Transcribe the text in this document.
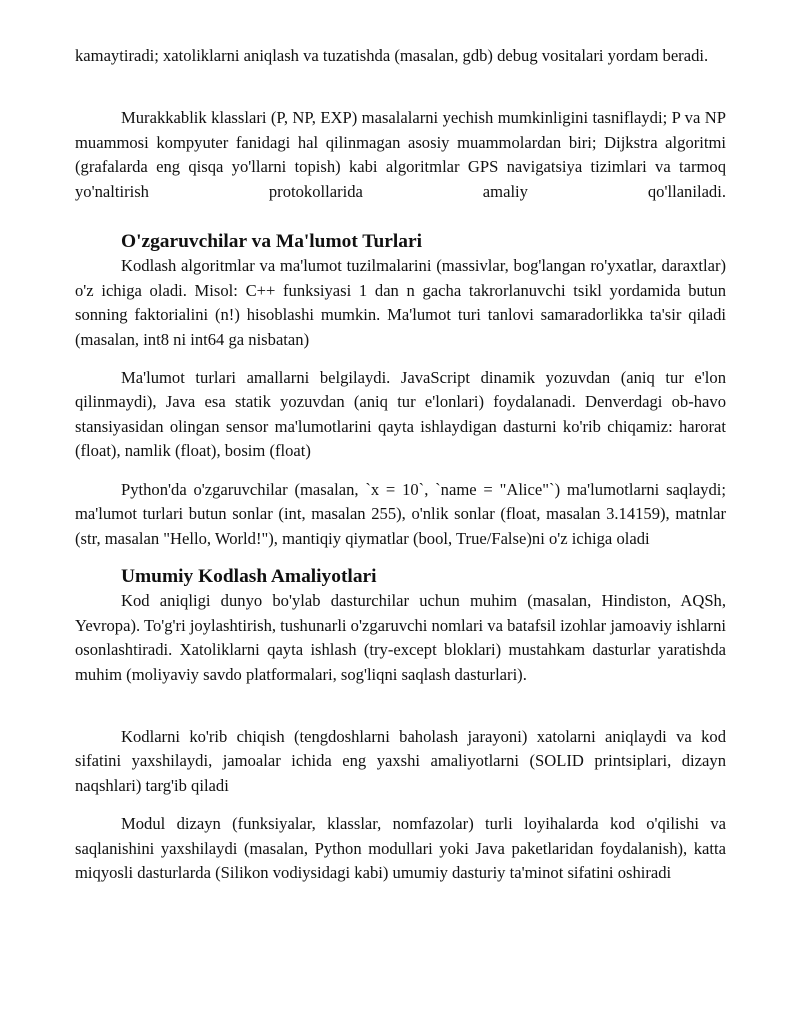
kamaytiradi; xatoliklarni aniqlash va tuzatishda (masalan, gdb) debug vositalari yordam beradi.

Murakkablik klasslari (P, NP, EXP) masalalarni yechish mumkinligini tasniflaydi; P va NP muammosi kompyuter fanidagi hal qilinmagan asosiy muammolardan biri; Dijkstra algoritmi (grafalarda eng qisqa yo'llarni topish) kabi algoritmlar GPS navigatsiya tizimlari va tarmoq yo'naltirish protokollarida amaliy qo'llaniladi.

O'zgaruvchilar va Ma'lumot Turlari

Kodlash algoritmlar va ma'lumot tuzilmalarini (massivlar, bog'langan ro'yxatlar, daraxtlar) o'z ichiga oladi. Misol: C++ funksiyasi 1 dan n gacha takrorlanuvchi tsikl yordamida butun sonning faktorialini (n!) hisoblashi mumkin. Ma'lumot turi tanlovi samaradorlikka ta'sir qiladi (masalan, int8 ni int64 ga nisbatan)

Ma'lumot turlari amallarni belgilaydi. JavaScript dinamik yozuvdan (aniq tur e'lon qilinmaydi), Java esa statik yozuvdan (aniq tur e'lonlari) foydalanadi. Denverdagi ob-havo stansiyasidan olingan sensor ma'lumotlarini qayta ishlaydigan dasturni ko'rib chiqamiz: harorat (float), namlik (float), bosim (float)

Python'da o'zgaruvchilar (masalan, `x = 10`, `name = "Alice"`) ma'lumotlarni saqlaydi; ma'lumot turlari butun sonlar (int, masalan 255), o'nlik sonlar (float, masalan 3.14159), matnlar (str, masalan "Hello, World!"), mantiqiy qiymatlar (bool, True/False)ni o'z ichiga oladi

Umumiy Kodlash Amaliyotlari

Kod aniqligi dunyo bo'ylab dasturchilar uchun muhim (masalan, Hindiston, AQSh, Yevropa). To'g'ri joylashtirish, tushunarli o'zgaruvchi nomlari va batafsil izohlar jamoaviy ishlarni osonlashtiradi. Xatoliklarni qayta ishlash (try-except bloklari) mustahkam dasturlar yaratishda muhim (moliyaviy savdo platformalari, sog'liqni saqlash dasturlari).

Kodlarni ko'rib chiqish (tengdoshlarni baholash jarayoni) xatolarni aniqlaydi va kod sifatini yaxshilaydi, jamoalar ichida eng yaxshi amaliyotlarni (SOLID printsiplari, dizayn naqshlari) targ'ib qiladi

Modul dizayn (funksiyalar, klasslar, nomfazolar) turli loyihalarda kod o'qilishi va saqlanishini yaxshilaydi (masalan, Python modullari yoki Java paketlaridan foydalanish), katta miqyosli dasturlarda (Silikon vodiysidagi kabi) umumiy dasturiy ta'minot sifatini oshiradi
